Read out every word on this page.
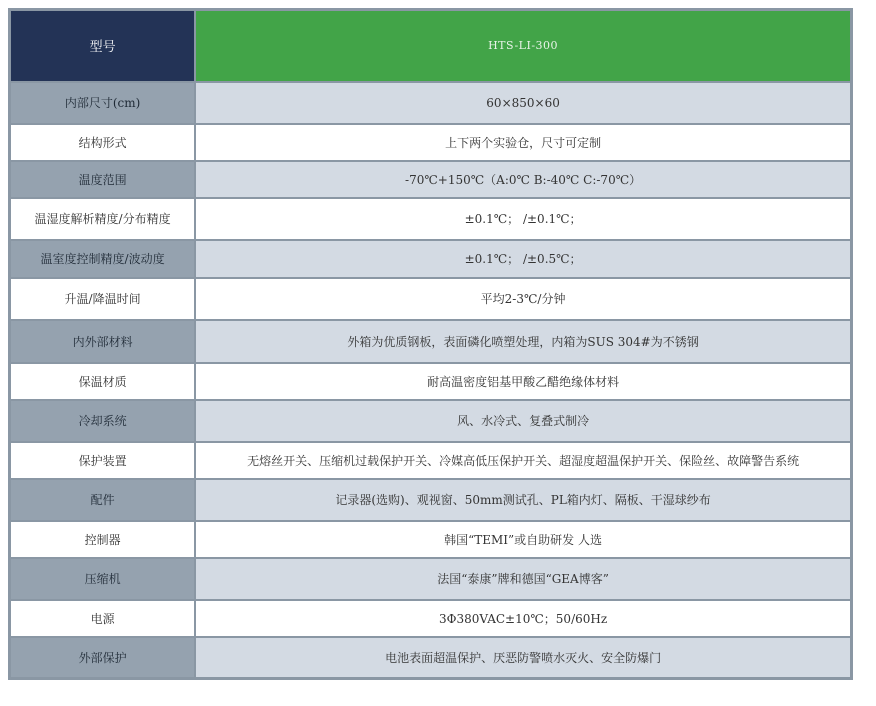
型号	HTS-LI-300
内部尺寸(cm)	60×850×60
结构形式	上下两个实验仓，尺寸可定制
温度范围	-70℃+150℃（A:0℃ B:-40℃ C:-70℃）
温湿度解析精度/分布精度	±0.1℃； /±0.1℃；
温室度控制精度/波动度	±0.1℃； /±0.5℃；
升温/降温时间	平均2-3℃/分钟
内外部材料	外箱为优质钢板，表面磷化喷塑处理，内箱为SUS 304#为不锈钢
保温材质	耐高温密度铝基甲酸乙醋绝缘体材料
冷却系统	风、水冷式、复叠式制冷
保护装置	无熔丝开关、压缩机过载保护开关、冷媒高低压保护开关、超湿度超温保护开关、保险丝、故障警告系统
配件	记录器(选购)、观视窗、50mm测试孔、PL箱内灯、隔板、干湿球纱布
控制器	韩国“TEMI”或自助研发 人选
压缩机	法国“泰康”牌和德国“GEA博客”
电源	3Φ380VAC±10℃；50/60Hz
外部保护	电池表面超温保护、厌恶防警喷水灭火、安全防爆门
